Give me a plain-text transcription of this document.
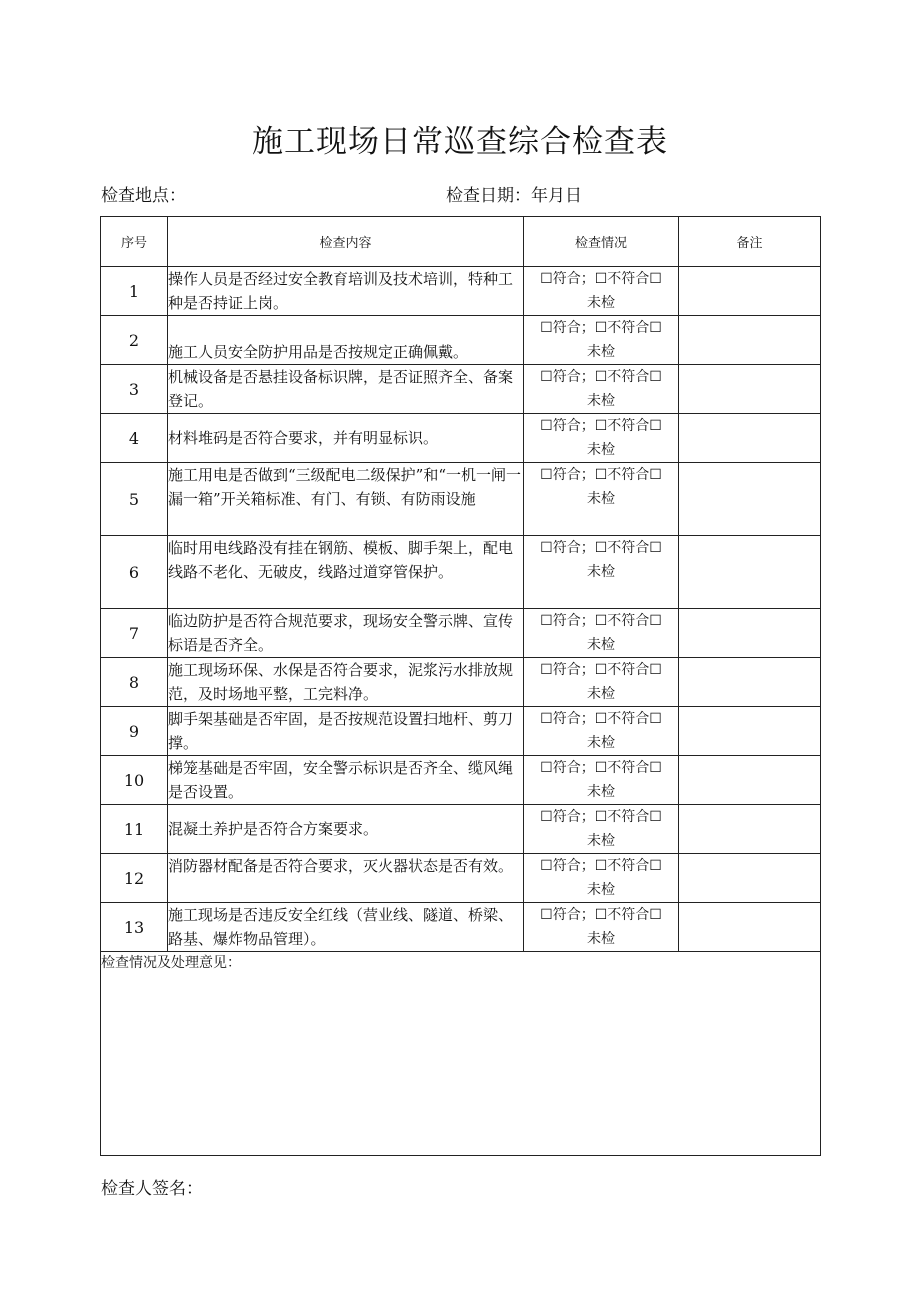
施工现场日常巡查综合检查表
检查地点：	检查日期：年月日
序号	检查内容	检查情况	备注
1	操作人员是否经过安全教育培训及技术培训，特种工种是否持证上岗。	☐符合；☐不符合☐
未检	
2	施工人员安全防护用品是否按规定正确佩戴。	☐符合；☐不符合☐
未检	
3	机械设备是否悬挂设备标识牌，是否证照齐全、备案登记。	☐符合；☐不符合☐
未检	
4	材料堆码是否符合要求，并有明显标识。	☐符合；☐不符合☐
未检	
5	施工用电是否做到“三级配电二级保护”和“一机一闸一漏一箱”开关箱标准、有门、有锁、有防雨设施	☐符合；☐不符合☐
未检	
6	临时用电线路没有挂在钢筋、模板、脚手架上，配电线路不老化、无破皮，线路过道穿管保护。	☐符合；☐不符合☐
未检	
7	临边防护是否符合规范要求，现场安全警示牌、宣传标语是否齐全。	☐符合；☐不符合☐
未检	
8	施工现场环保、水保是否符合要求，泥浆污水排放规范，及时场地平整，工完料净。	☐符合；☐不符合☐
未检	
9	脚手架基础是否牢固，是否按规范设置扫地杆、剪刀撑。	☐符合；☐不符合☐
未检	
10	梯笼基础是否牢固，安全警示标识是否齐全、缆风绳是否设置。	☐符合；☐不符合☐
未检	
11	混凝土养护是否符合方案要求。	☐符合；☐不符合☐
未检	
12	消防器材配备是否符合要求，灭火器状态是否有效。	☐符合；☐不符合☐
未检	
13	施工现场是否违反安全红线（营业线、隧道、桥梁、路基、爆炸物品管理）。	☐符合；☐不符合☐
未检	
检查情况及处理意见：			
检查人签名：
